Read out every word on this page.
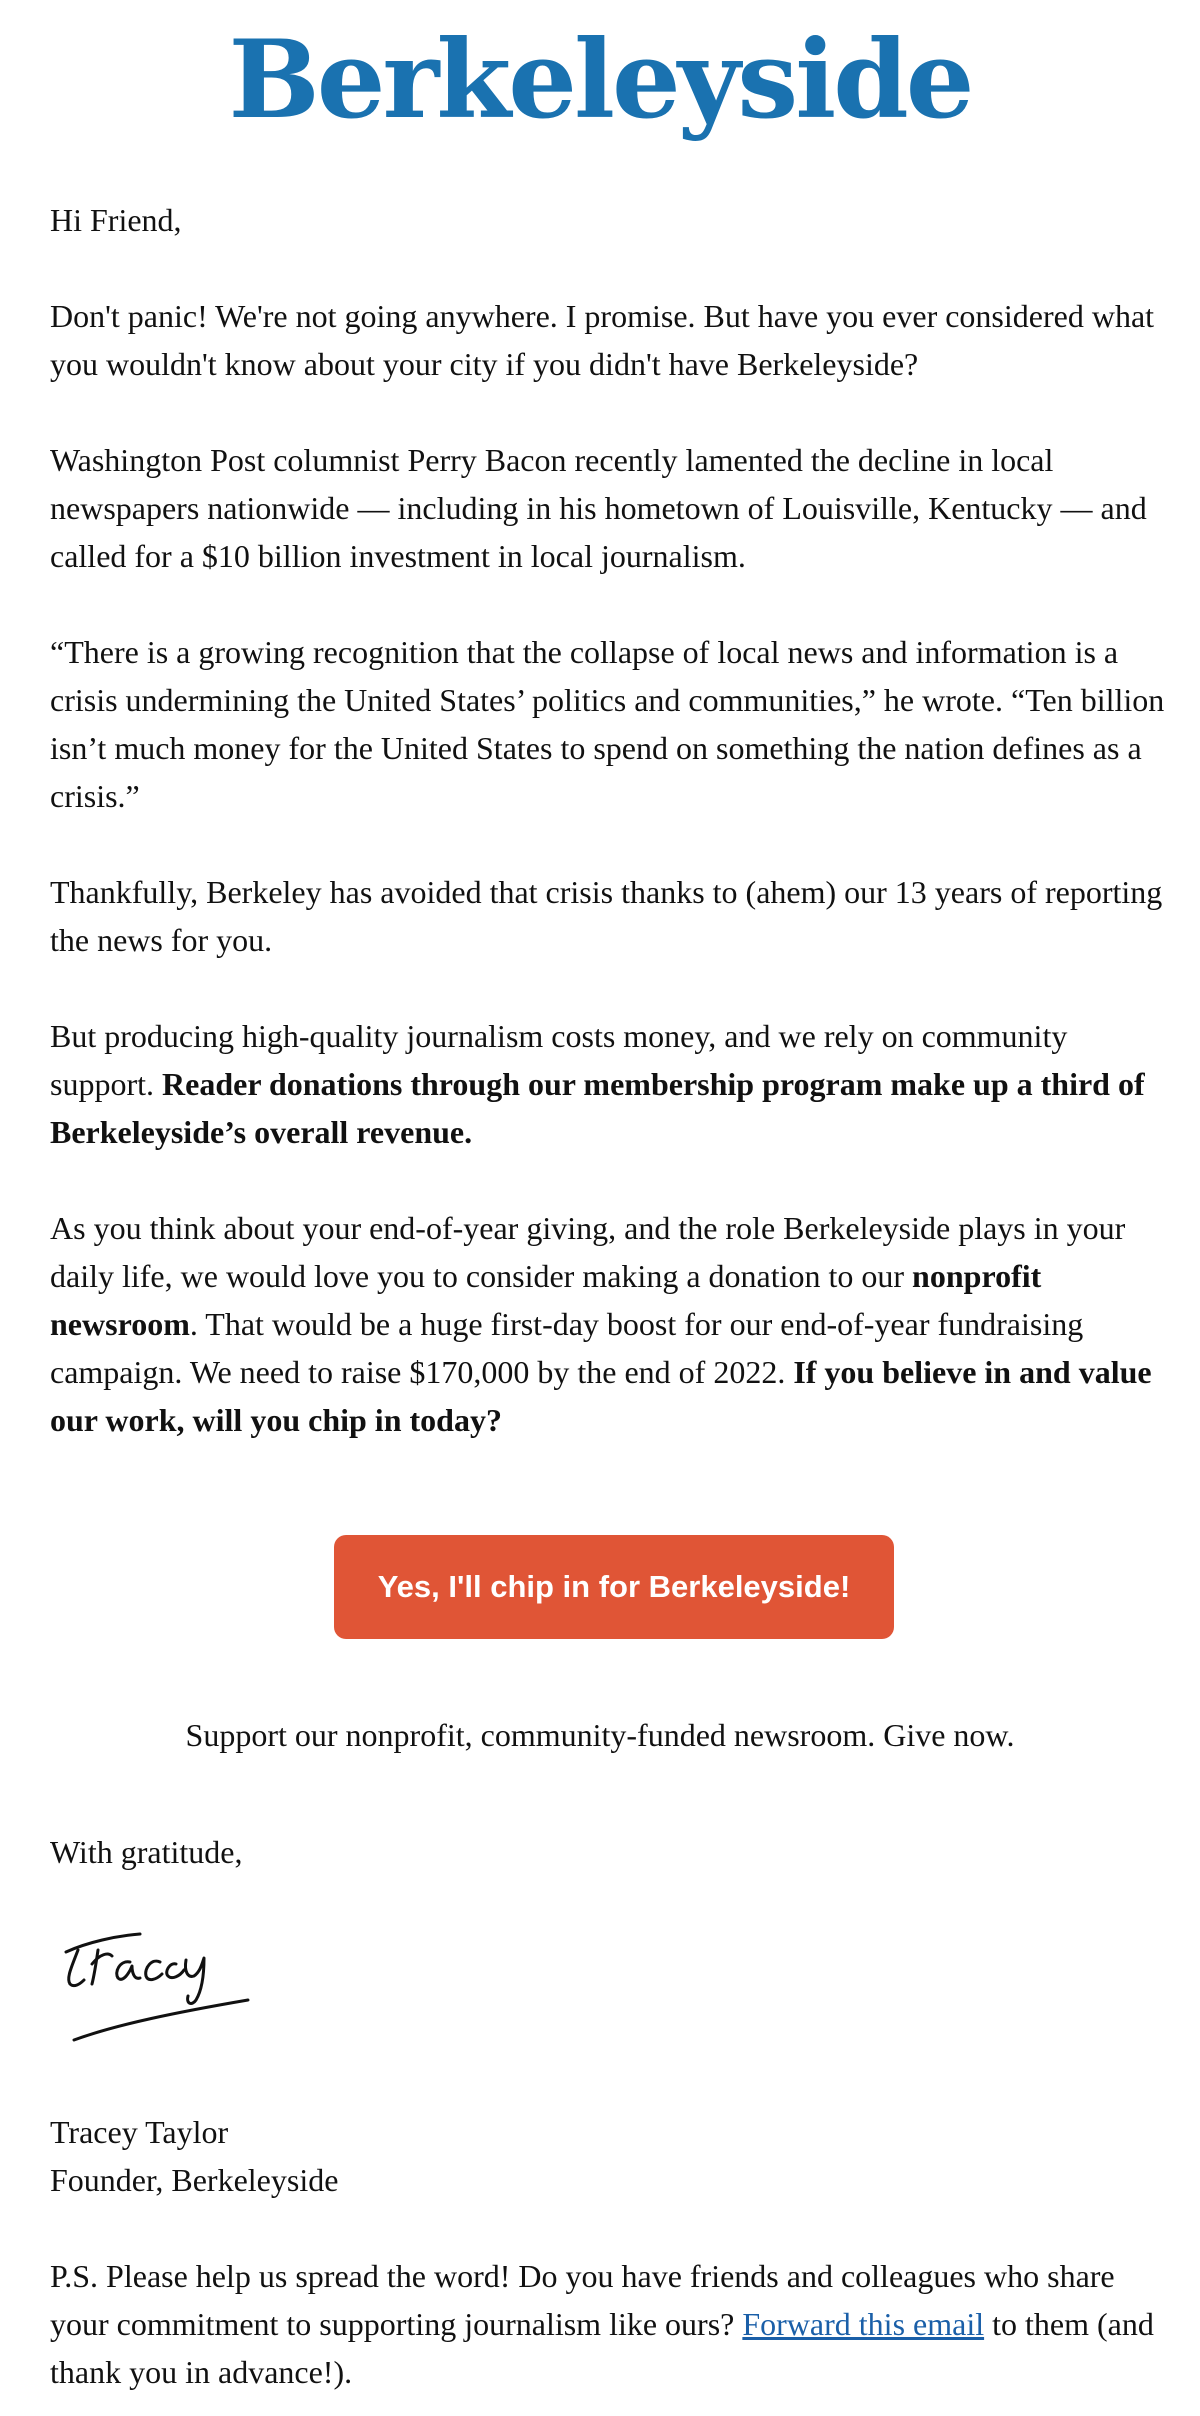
Berkeleyside

Hi Friend,

Don't panic! We're not going anywhere. I promise. But have you ever considered what you wouldn't know about your city if you didn't have Berkeleyside?

Washington Post columnist Perry Bacon recently lamented the decline in local newspapers nationwide — including in his hometown of Louisville, Kentucky — and called for a $10 billion investment in local journalism.

“There is a growing recognition that the collapse of local news and information is a crisis undermining the United States’ politics and communities,” he wrote. “Ten billion isn’t much money for the United States to spend on something the nation defines as a crisis.”

Thankfully, Berkeley has avoided that crisis thanks to (ahem) our 13 years of reporting the news for you.

But producing high-quality journalism costs money, and we rely on community support. Reader donations through our membership program make up a third of Berkeleyside’s overall revenue.

As you think about your end-of-year giving, and the role Berkeleyside plays in your daily life, we would love you to consider making a donation to our nonprofit newsroom. That would be a huge first-day boost for our end-of-year fundraising campaign. We need to raise $170,000 by the end of 2022. If you believe in and value our work, will you chip in today?

Yes, I'll chip in for Berkeleyside!
Support our nonprofit, community-funded newsroom. Give now.
With gratitude,
Tracey Taylor
Founder, Berkeleyside
P.S. Please help us spread the word! Do you have friends and colleagues who share your commitment to supporting journalism like ours? Forward this email to them (and thank you in advance!).
